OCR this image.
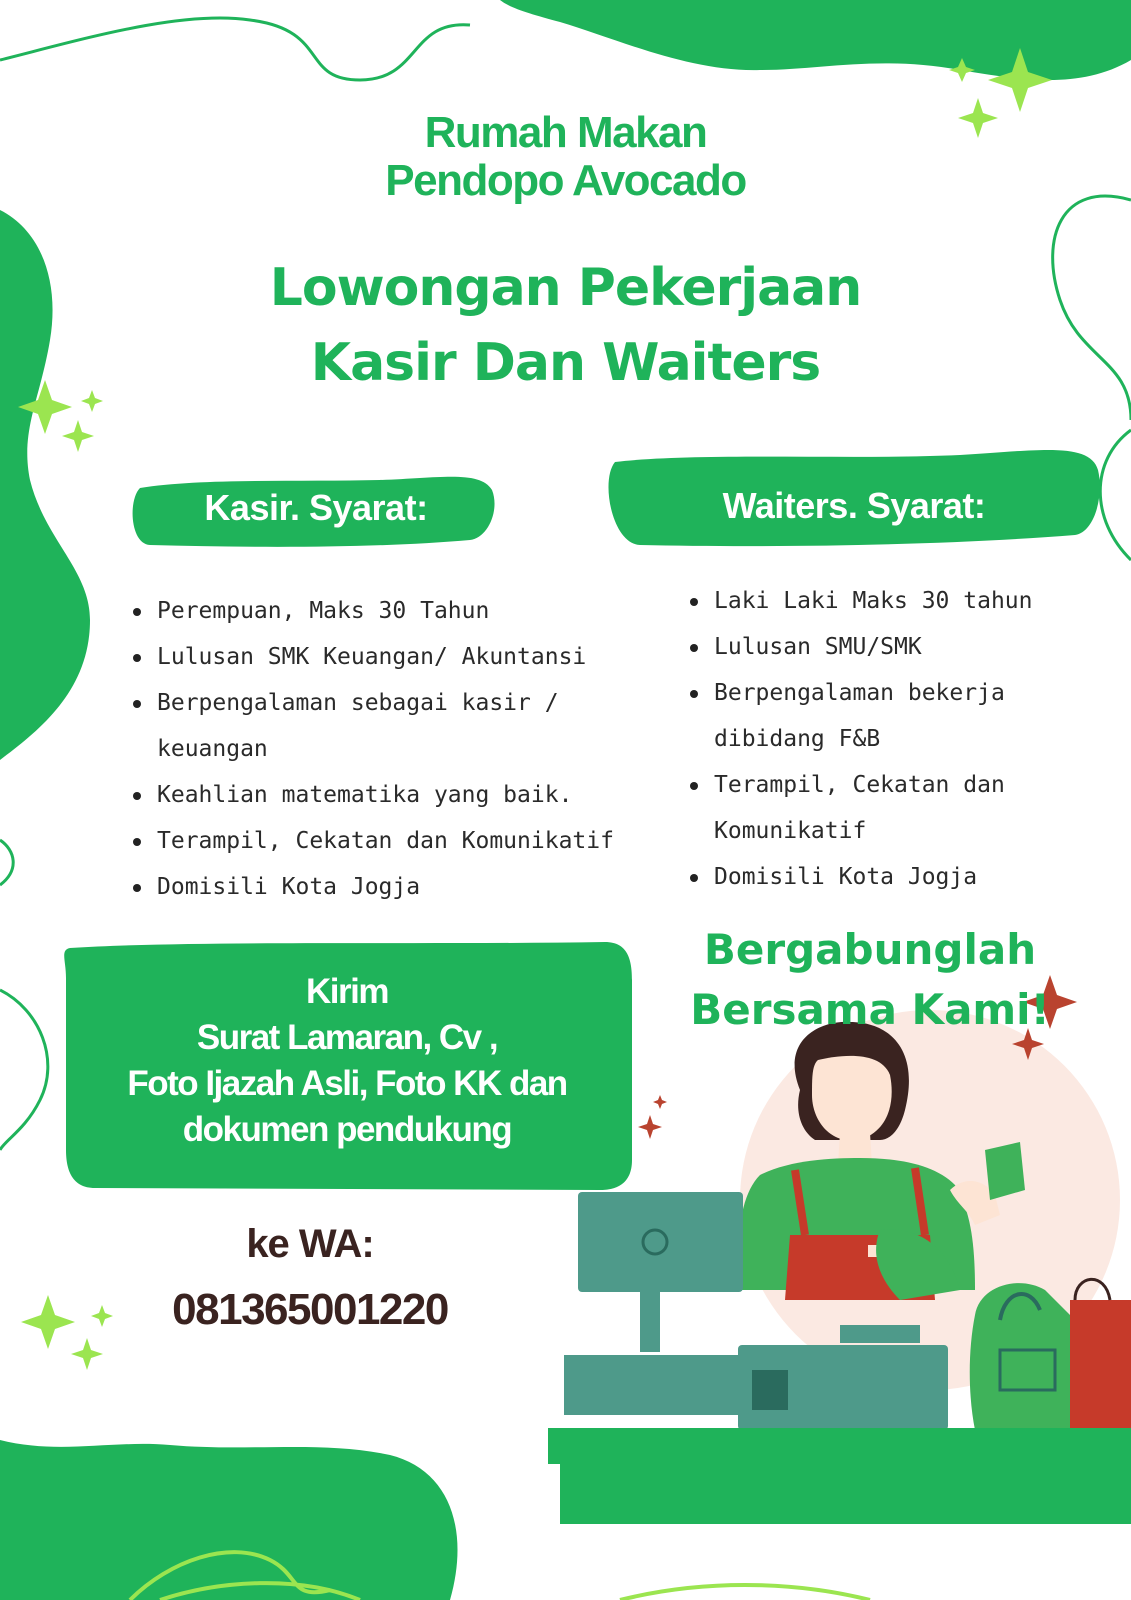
Rumah Makan
Pendopo Avocado
Lowongan Pekerjaan
Kasir Dan Waiters
Kasir. Syarat:	Waiters. Syarat:
Perempuan, Maks 30 Tahun
Lulusan SMK Keuangan/ Akuntansi
Berpengalaman sebagai kasir / keuangan
Keahlian matematika yang baik.
Terampil, Cekatan dan Komunikatif
Domisili Kota Jogja
Laki Laki Maks 30 tahun
Lulusan SMU/SMK
Berpengalaman bekerja dibidang F&B
Terampil, Cekatan dan Komunikatif
Domisili Kota Jogja
Kirim
Surat Lamaran, Cv ,
Foto Ijazah Asli, Foto KK dan
dokumen pendukung
ke WA:
081365001220
Bergabunglah
Bersama Kami!
